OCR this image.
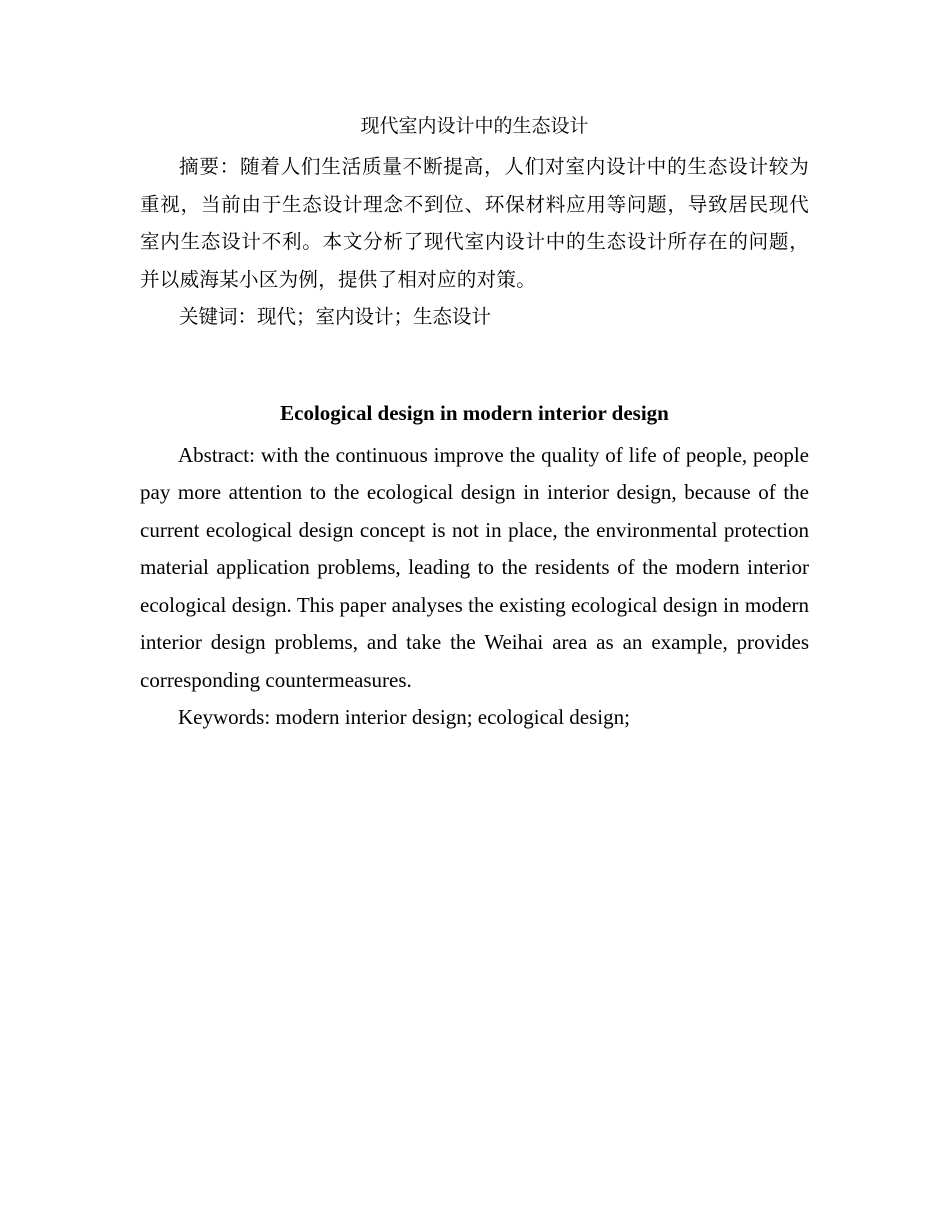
现代室内设计中的生态设计

摘要：随着人们生活质量不断提高，人们对室内设计中的生态设计较为重视，当前由于生态设计理念不到位、环保材料应用等问题，导致居民现代室内生态设计不利。本文分析了现代室内设计中的生态设计所存在的问题，并以威海某小区为例，提供了相对应的对策。

关键词：现代；室内设计；生态设计

Ecological design in modern interior design

Abstract: with the continuous improve the quality of life of people, people pay more attention to the ecological design in interior design, because of the current ecological design concept is not in place, the environmental protection material application problems, leading to the residents of the modern interior ecological design. This paper analyses the existing ecological design in modern interior design problems, and take the Weihai area as an example, provides corresponding countermeasures.

Keywords: modern interior design; ecological design;
